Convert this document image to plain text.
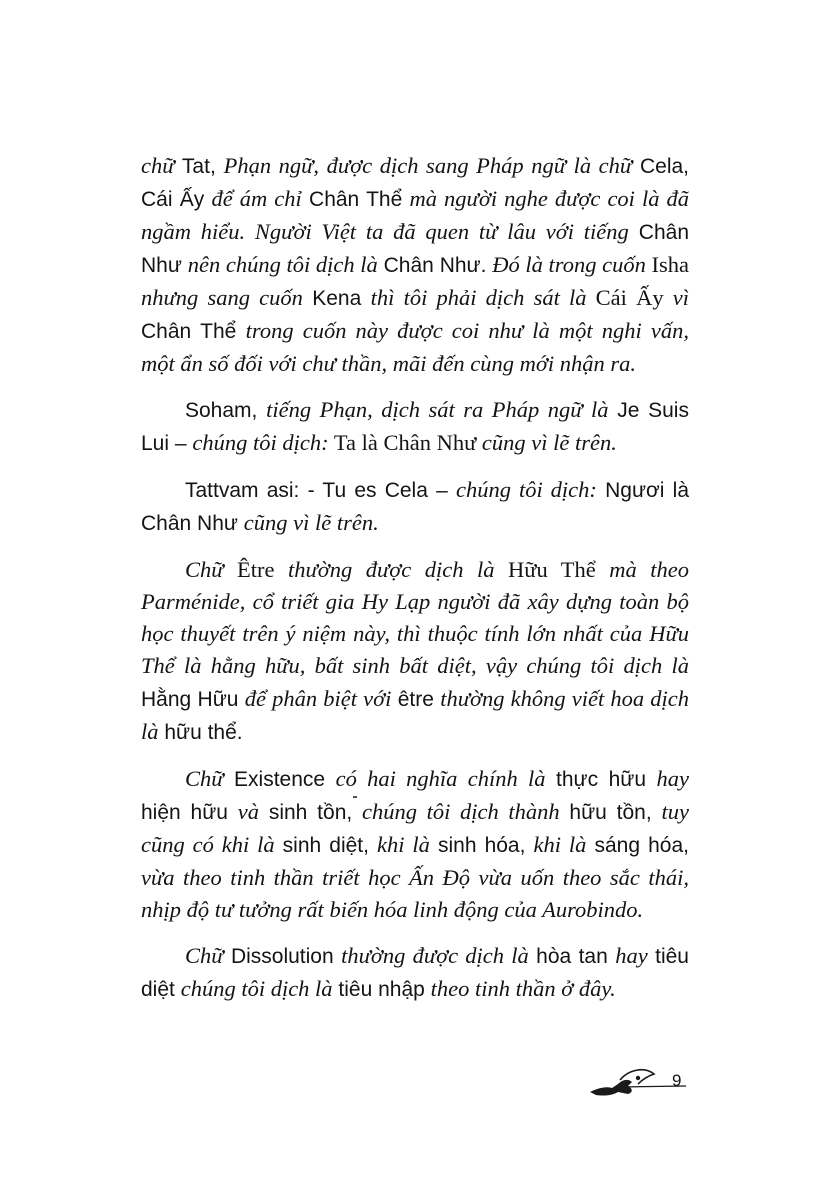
chữ Tat, Phạn ngữ, được dịch sang Pháp ngữ là chữ Cela, Cái Ấy để ám chỉ Chân Thể mà người nghe được coi là đã ngầm hiểu. Người Việt ta đã quen từ lâu với tiếng Chân Như nên chúng tôi dịch là Chân Như. Đó là trong cuốn Isha nhưng sang cuốn Kena thì tôi phải dịch sát là Cái Ấy vì Chân Thể trong cuốn này được coi như là một nghi vấn, một ẩn số đối với chư thần, mãi đến cùng mới nhận ra.

Soham, tiếng Phạn, dịch sát ra Pháp ngữ là Je Suis Lui – chúng tôi dịch: Ta là Chân Như cũng vì lẽ trên.

Tattvam asi: - Tu es Cela – chúng tôi dịch: Ngươi là Chân Như cũng vì lẽ trên.

Chữ Être thường được dịch là Hữu Thể mà theo Parménide, cổ triết gia Hy Lạp người đã xây dựng toàn bộ học thuyết trên ý niệm này, thì thuộc tính lớn nhất của Hữu Thể là hằng hữu, bất sinh bất diệt, vậy chúng tôi dịch là Hằng Hữu để phân biệt với être thường không viết hoa dịch là hữu thể.

Chữ Existence có hai nghĩa chính là thực hữu hay hiện hữu và sinh tồn, chúng tôi dịch thành hữu tồn, tuy cũng có khi là sinh diệt, khi là sinh hóa, khi là sáng hóa, vừa theo tinh thần triết học Ấn Độ vừa uốn theo sắc thái, nhịp độ tư tưởng rất biến hóa linh động của Aurobindo.

Chữ Dissolution thường được dịch là hòa tan hay tiêu diệt chúng tôi dịch là tiêu nhập theo tinh thần ở đây.

9
